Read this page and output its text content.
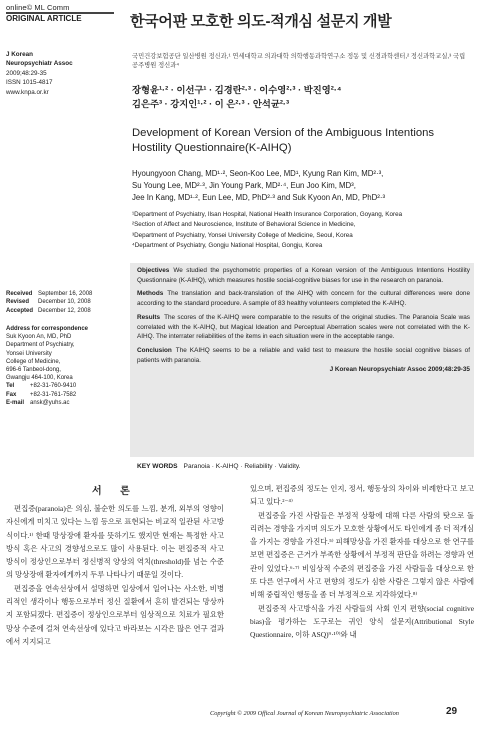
online© ML Comm
ORIGINAL ARTICLE
J Korean
Neuropsychiatr Assoc
2009;48:29-35
ISSN 1015-4817
www.knpa.or.kr
Received September 16, 2008
Revised	December 10, 2008
Accepted December 12, 2008
Address for correspondence
Suk Kyoon An, MD, PhD
Department of Psychiatry,
Yonsei University
College of Medicine,
696-6 Tanbeol-dong,
Gwangju 464-100, Korea
Tel	+82-31-760-9410
Fax	+82-31-761-7582
E-mail ansk@yuhs.ac
한국어판 모호한 의도-적개심 설문지 개발
국민건강보험공단 일산병원 정신과,¹ 연세대학교 의과대학 의학행동과학연구소 정동 및 신경과학센터,² 정신과학교실,³ 국립공주병원 정신과⁴
장형윤¹·² · 이선구¹ · 김경란²·³ · 이수영²·³ · 박진영²·⁴
김은주³ · 강지인¹·² · 이 은²·³ · 안석균²·³
Development of Korean Version of the Ambiguous Intentions Hostility Questionnaire(K-AIHQ)
Hyoungyoon Chang, MD¹·², Seon-Koo Lee, MD¹, Kyung Ran Kim, MD²·³,
Su Young Lee, MD²·³, Jin Young Park, MD²·⁴, Eun Joo Kim, MD³,
Jee In Kang, MD¹·², Eun Lee, MD, PhD²·³ and Suk Kyoon An, MD, PhD²·³
¹Department of Psychiatry, Ilsan Hospital, National Health Insurance Corporation, Goyang, Korea
²Section of Affect and Neuroscience, Institute of Behavioral Science in Medicine,
³Department of Psychiatry, Yonsei University College of Medicine, Seoul, Korea
⁴Department of Psychiatry, Gongju National Hospital, Gongju, Korea

Objectives We studied the psychometric properties of a Korean version of the Ambiguous Intentions Hostility Questionnaire (K-AIHQ), which measures hostile social-cognitive biases for use in the research on paranoia.

Methods The translation and back-translation of the AIHQ with concern for the cultural differences were done according to the standard procedure. A sample of 83 healthy volunteers completed the K-AIHQ.

Results The scores of the K-AIHQ were comparable to the results of the original studies. The Paranoia Scale was correlated with the K-AIHQ, but Magical Ideation and Perceptual Aberration scales were not correlated with the K-AIHQ. The interrater reliabilities of the items in each situation were in the acceptable range.

Conclusion The KAIHQ seems to be a reliable and valid test to measure the hostile social cognitive biases of patients with paranoia.

J Korean Neuropsychiatr Assoc 2009;48:29-35
KEY WORDS Paranoia · K-AIHQ · Reliability · Validity.
서 론

편집증(paranoia)은 의심, 불순한 의도를 느낌, 분개, 외부의 영향이 자신에게 미치고 있다는 느낌 등으로 표현되는 비교적 일관된 사고방식이다.¹⁾ 한때 망상장애 환자를 뜻하기도 했지만 현재는 특정한 사고방식 혹은 사고의 경향성으로도 많이 사용된다. 이는 편집증적 사고 방식이 정상인으로부터 정신병적 양상의 역치(threshold)를 넘는 수준의 망상장애 환자에게까지 두루 나타나기 때문일 것이다.

편집증을 연속선상에서 설명하면 일상에서 일어나는 사소한, 비병리적인 생각이나 행동으로부터 정신 질환에서 흔히 발견되는 망상까지 포함되겠다. 편집증이 정상인으로부터 임상적으로 치료가 필요한 망상 수준에 걸쳐 연속선상에 있다고 바라보는 시각은 많은 연구 결과에서 지지되고

있으며, 편집증의 정도는 인지, 정서, 행동상의 차이와 비례한다고 보고되고 있다.²⁻⁴⁾

편집증을 가진 사람들은 부정적 상황에 대해 다른 사람의 탓으로 돌리려는 경향을 가지며 의도가 모호한 상황에서도 타인에게 좀 더 적개심을 가지는 경향을 가진다.⁵⁾ 피해망상을 가진 환자를 대상으로 한 연구를 보면 편집증은 근거가 부족한 상황에서 부정적 판단을 하려는 경향과 연관이 있었다.⁶·⁷⁾ 비임상적 수준의 편집증을 가진 사람들을 대상으로 한 또 다른 연구에서 사고 편향의 정도가 심한 사람은 그렇지 않은 사람에 비해 중립적인 행동을 좀 더 부정적으로 지각하였다.⁸⁾

편집증적 사고방식을 가진 사람들의 사회 인지 편향(social cognitive bias)을 평가하는 도구로는 귀인 양식 설문지(Attributional Style Questionnaire, 이하 ASQ)⁹·¹⁰⁾와 내

Copyright © 2009 Offical Journal of Korean Neuropsychiatric Association	29
